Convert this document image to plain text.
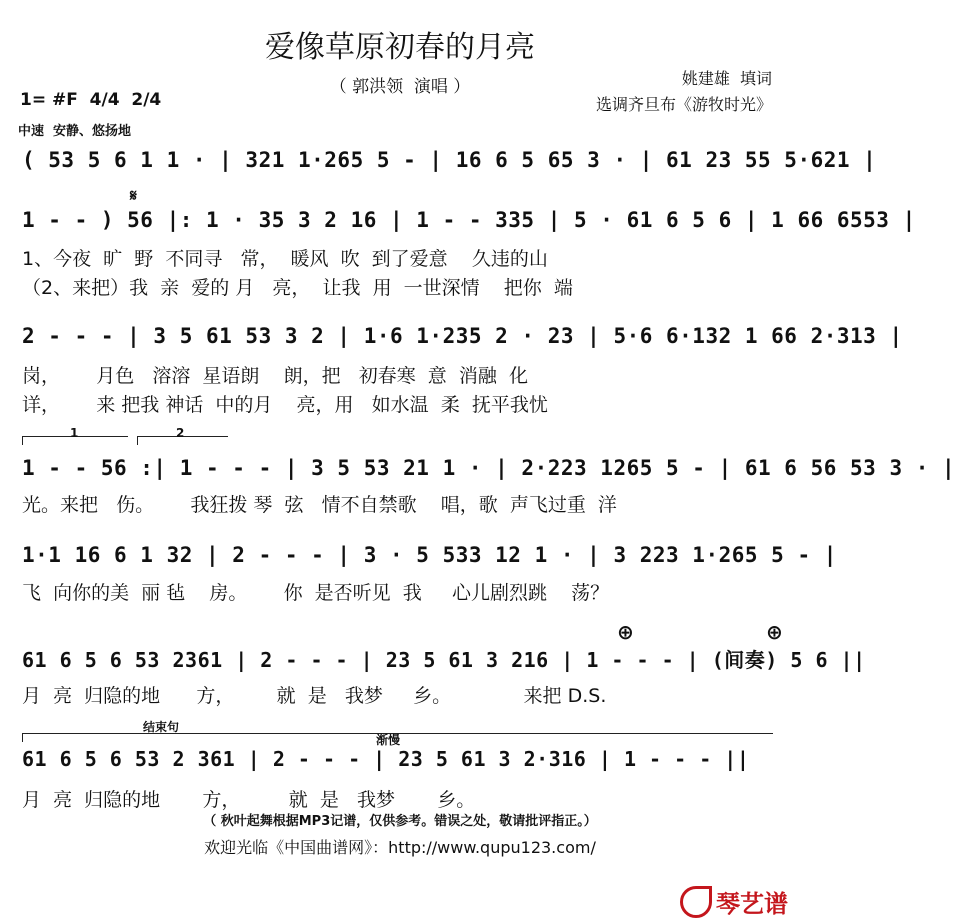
爱像草原初春的月亮
（ 郭洪领  演唱 ）	姚建雄  填词
选调齐旦布《游牧时光》
1= #F  4/4  2/4
中速  安静、悠扬地
( 53 5 6 1 1 · | 321 1·265 5 - | 16 6 5 65 3 · | 61 23 55 5·621 |
𝄋
1 - - ) 56 |: 1 · 35 3 2 16 | 1 - - 335 | 5 · 61 6 5 6 | 1 66 6553 |
1、今夜  旷  野  不同寻   常，  暖风  吹  到了爱意    久违的山
（2、来把）我  亲  爱的 月   亮，  让我  用  一世深情    把你  端
2 - - - | 3 5 61 53 3 2 | 1·6 1·235 2 · 23 | 5·6 6·132 1 66 2·313 |
岗，      月色   溶溶  星语朗    朗，把   初春寒  意  消融  化
详，      来 把我 神话  中的月    亮，用   如水温  柔  抚平我忧
1	2
1 - - 56 :| 1 - - - | 3 5 53 21 1 · | 2·223 1265 5 - | 61 6 56 53 3 · |
光。来把   伤。      我狂拨 琴  弦   情不自禁歌    唱，歌  声飞过重  洋
1·1 16 6 1 32 | 2 - - - | 3 · 5 533 12 1 · | 3 223 1·265 5 - |
飞  向你的美  丽 毡    房。      你  是否听见  我     心儿剧烈跳    荡？
⊕	⊕
61 6 5 6 53 2361 | 2 - - - | 23 5 61 3 216 | 1 - - - | (间奏) 5 6 ||
月  亮  归隐的地      方，       就  是   我梦     乡。            来把 D.S.
结束句
渐慢
61 6 5 6 53 2 361 | 2 - - - | 23 5 61 3 2·316 | 1 - - - ||
月  亮  归隐的地       方，        就  是   我梦       乡。
（ 秋叶起舞根据MP3记谱，仅供参考。错误之处，敬请批评指正。）
欢迎光临《中国曲谱网》：http://www.qupu123.com/

琴艺谱
